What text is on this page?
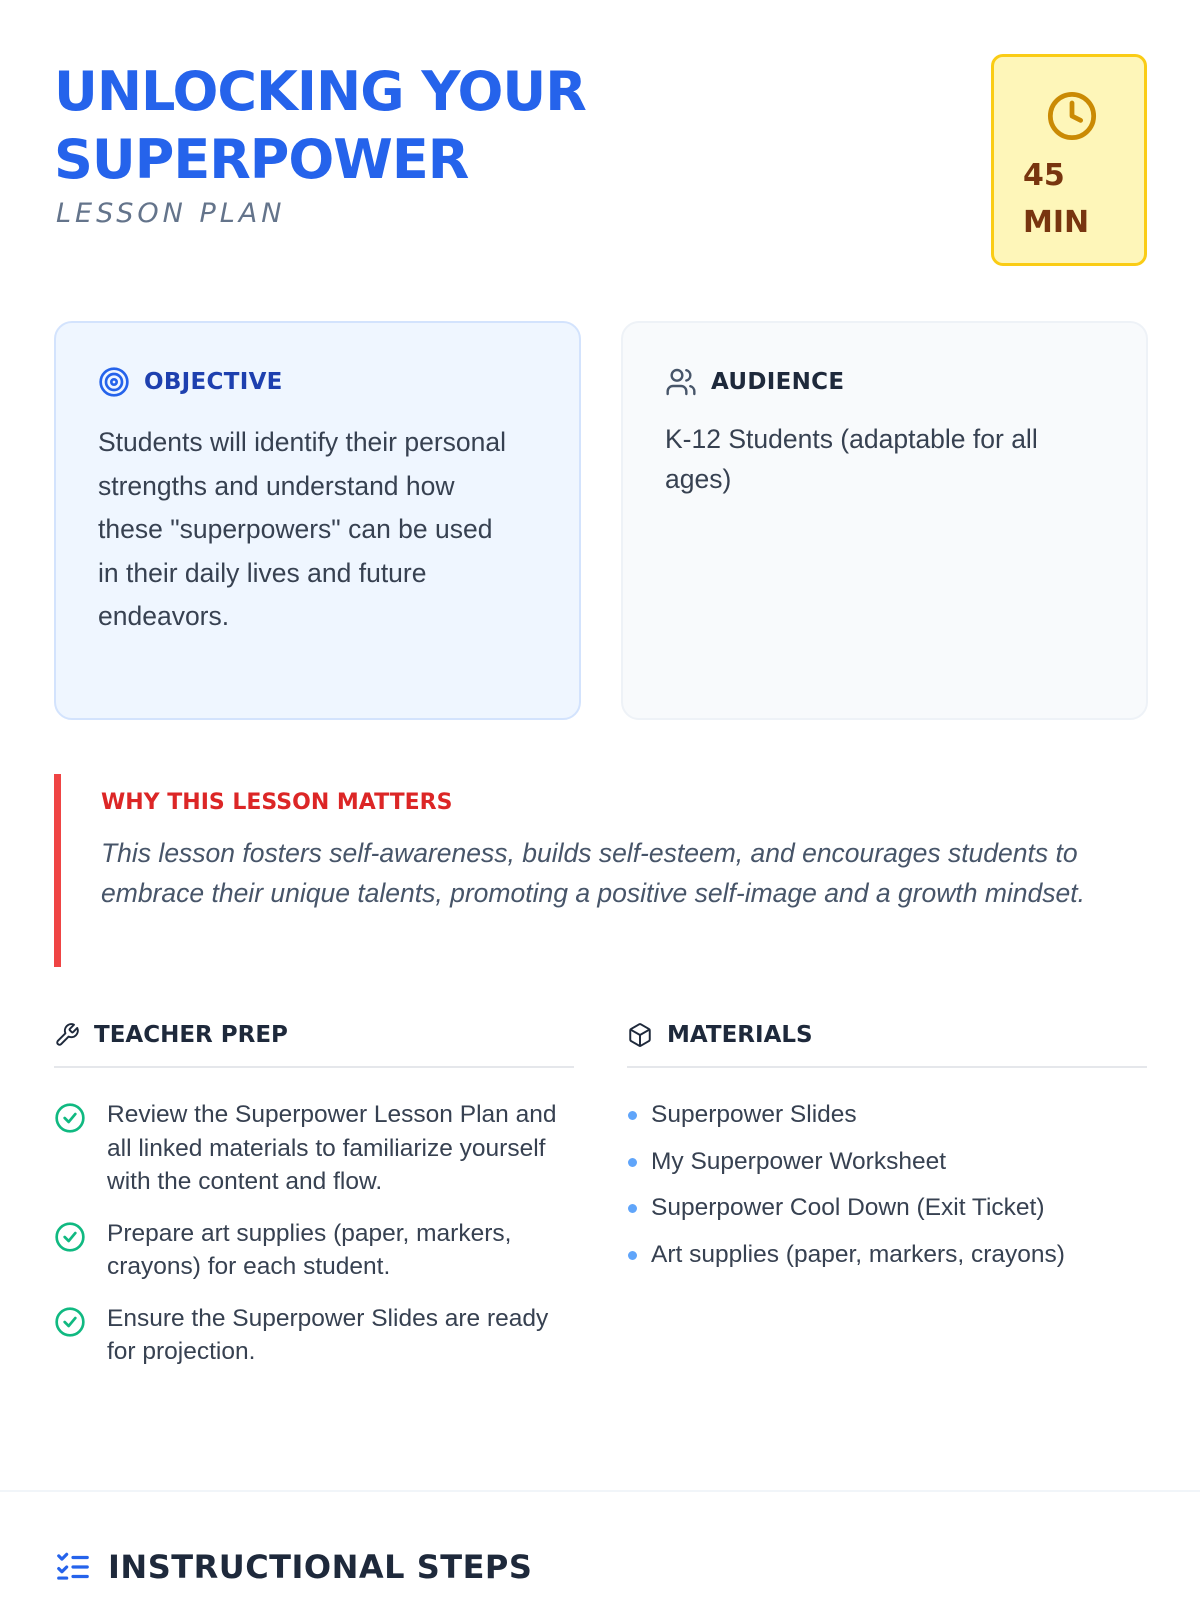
UNLOCKING YOUR SUPERPOWER
LESSON PLAN
45 MIN
OBJECTIVE

Students will identify their personal strengths and understand how these "superpowers" can be used in their daily lives and future endeavors.

AUDIENCE

K-12 Students (adaptable for all ages)

WHY THIS LESSON MATTERS

This lesson fosters self-awareness, builds self-esteem, and encourages students to embrace their unique talents, promoting a positive self-image and a growth mindset.

TEACHER PREP
Review the Superpower Lesson Plan and all linked materials to familiarize yourself with the content and flow.
Prepare art supplies (paper, markers, crayons) for each student.
Ensure the Superpower Slides are ready for projection.
MATERIALS
Superpower Slides
My Superpower Worksheet
Superpower Cool Down (Exit Ticket)
Art supplies (paper, markers, crayons)
INSTRUCTIONAL STEPS
